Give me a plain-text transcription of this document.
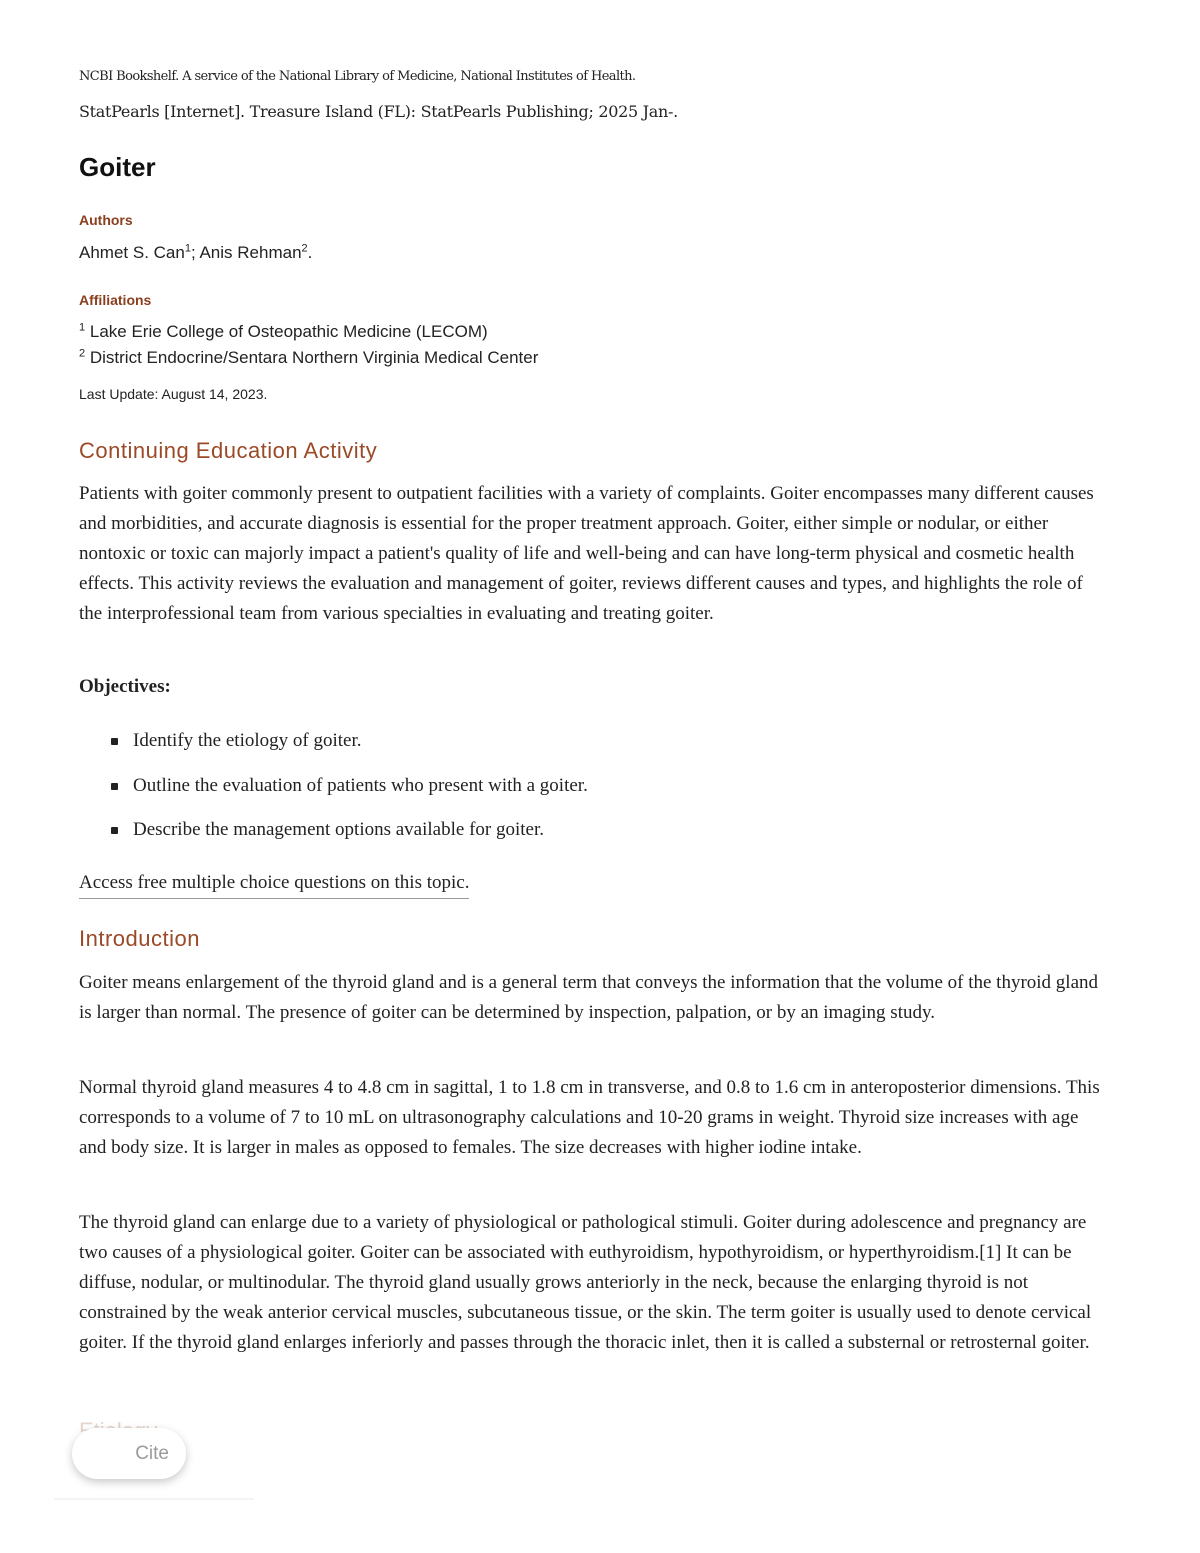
NCBI Bookshelf. A service of the National Library of Medicine, National Institutes of Health.
StatPearls [Internet]. Treasure Island (FL): StatPearls Publishing; 2025 Jan-.
Goiter
Authors
Ahmet S. Can$^1$; Anis Rehman$^2$.
Affiliations
$^1$ Lake Erie College of Osteopathic Medicine (LECOM)
$^2$ District Endocrine/Sentara Northern Virginia Medical Center
Last Update: August 14, 2023.
Continuing Education Activity

Patients with goiter commonly present to outpatient facilities with a variety of complaints. Goiter encompasses many different causes and morbidities, and accurate diagnosis is essential for the proper treatment approach. Goiter, either simple or nodular, or either nontoxic or toxic can majorly impact a patient's quality of life and well-being and can have long-term physical and cosmetic health effects. This activity reviews the evaluation and management of goiter, reviews different causes and types, and highlights the role of the interprofessional team from various specialties in evaluating and treating goiter.

Objectives:
Identify the etiology of goiter.
Outline the evaluation of patients who present with a goiter.
Describe the management options available for goiter.
Access free multiple choice questions on this topic.
Introduction

Goiter means enlargement of the thyroid gland and is a general term that conveys the information that the volume of the thyroid gland is larger than normal. The presence of goiter can be determined by inspection, palpation, or by an imaging study.

Normal thyroid gland measures 4 to 4.8 cm in sagittal, 1 to 1.8 cm in transverse, and 0.8 to 1.6 cm in anteroposterior dimensions. This corresponds to a volume of 7 to 10 mL on ultrasonography calculations and 10-20 grams in weight. Thyroid size increases with age and body size. It is larger in males as opposed to females. The size decreases with higher iodine intake.

The thyroid gland can enlarge due to a variety of physiological or pathological stimuli. Goiter during adolescence and pregnancy are two causes of a physiological goiter. Goiter can be associated with euthyroidism, hypothyroidism, or hyperthyroidism.[1] It can be diffuse, nodular, or multinodular. The thyroid gland usually grows anteriorly in the neck, because the enlarging thyroid is not constrained by the weak anterior cervical muscles, subcutaneous tissue, or the skin. The term goiter is usually used to denote cervical goiter. If the thyroid gland enlarges inferiorly and passes through the thoracic inlet, then it is called a substernal or retrosternal goiter.

Cite
